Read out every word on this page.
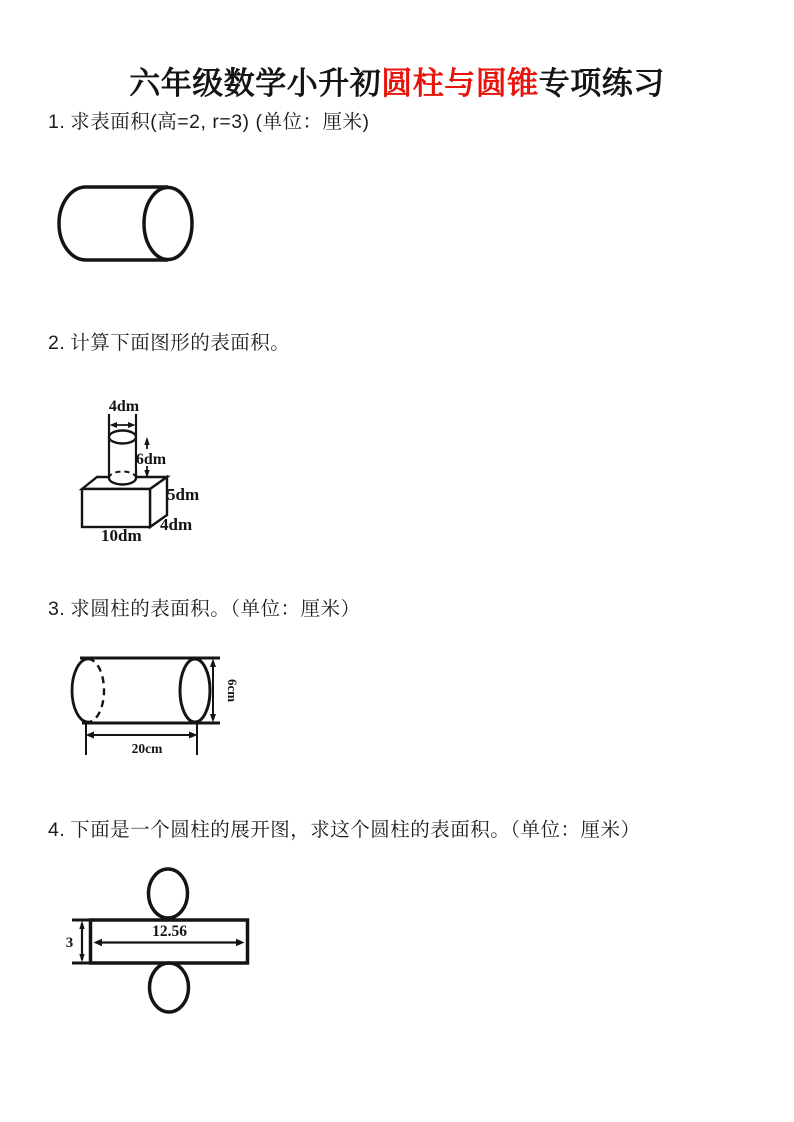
六年级数学小升初圆柱与圆锥专项练习

1. 求表面积(高=2, r=3) (单位：厘米)

2. 计算下面图形的表面积。

4dm
6dm
5dm
4dm
10dm

3. 求圆柱的表面积。（单位：厘米）

6cm
20cm

4. 下面是一个圆柱的展开图，求这个圆柱的表面积。（单位：厘米）

3
12.56
